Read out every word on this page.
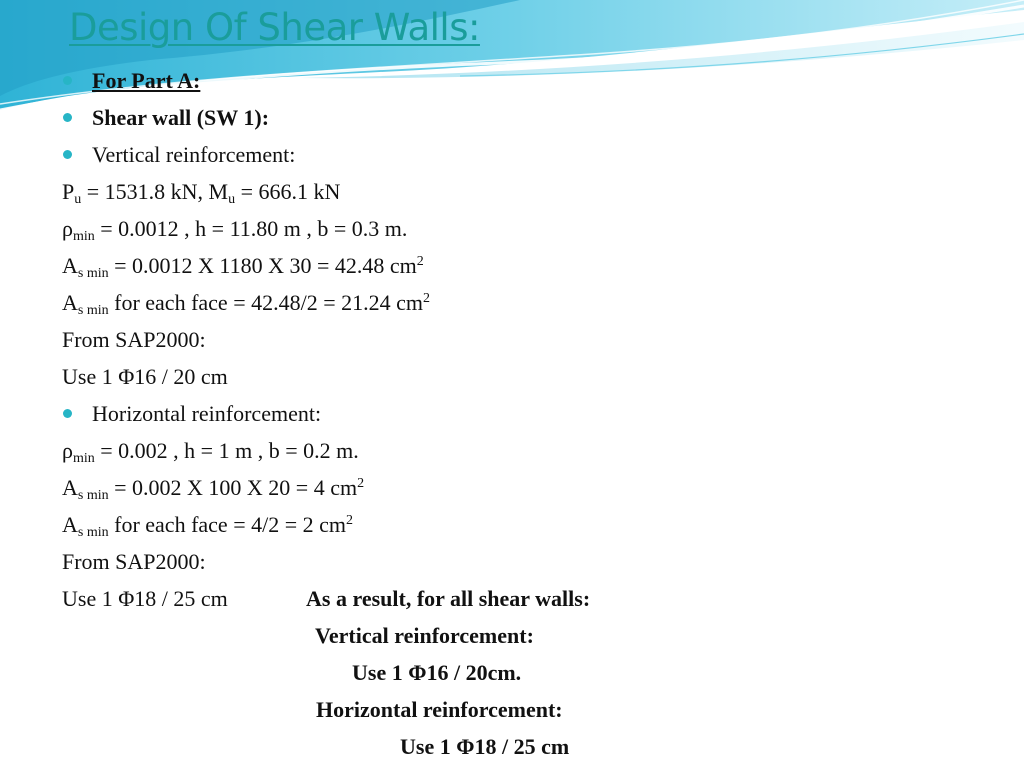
Design Of Shear Walls:
For Part A:
Shear wall (SW 1):
Vertical reinforcement:
$P_u = 1531.8$ kN, $M_u = 666.1$ kN
$\rho_{min} = 0.0012$ , h = 11.80 m , b = 0.3 m.
$A_{s min} = 0.0012$ X 1180 X 30 = 42.48 $cm^2$
$A_{s min}$ for each face = 42.48/2 = 21.24 $cm^2$
From SAP2000:
Use 1 Φ16 / 20 cm
Horizontal reinforcement:
$\rho_{min} = 0.002$ , h = 1 m , b = 0.2 m.
$A_{s min} = 0.002$ X 100 X 20 = 4 $cm^2$
$A_{s min}$ for each face = 4/2 = 2 $cm^2$
From SAP2000:
Use 1 Φ18 / 25 cm	As a result, for all shear walls:
Vertical reinforcement:
Use 1 Φ16 / 20cm.
Horizontal reinforcement:
Use 1 Φ18 / 25 cm
